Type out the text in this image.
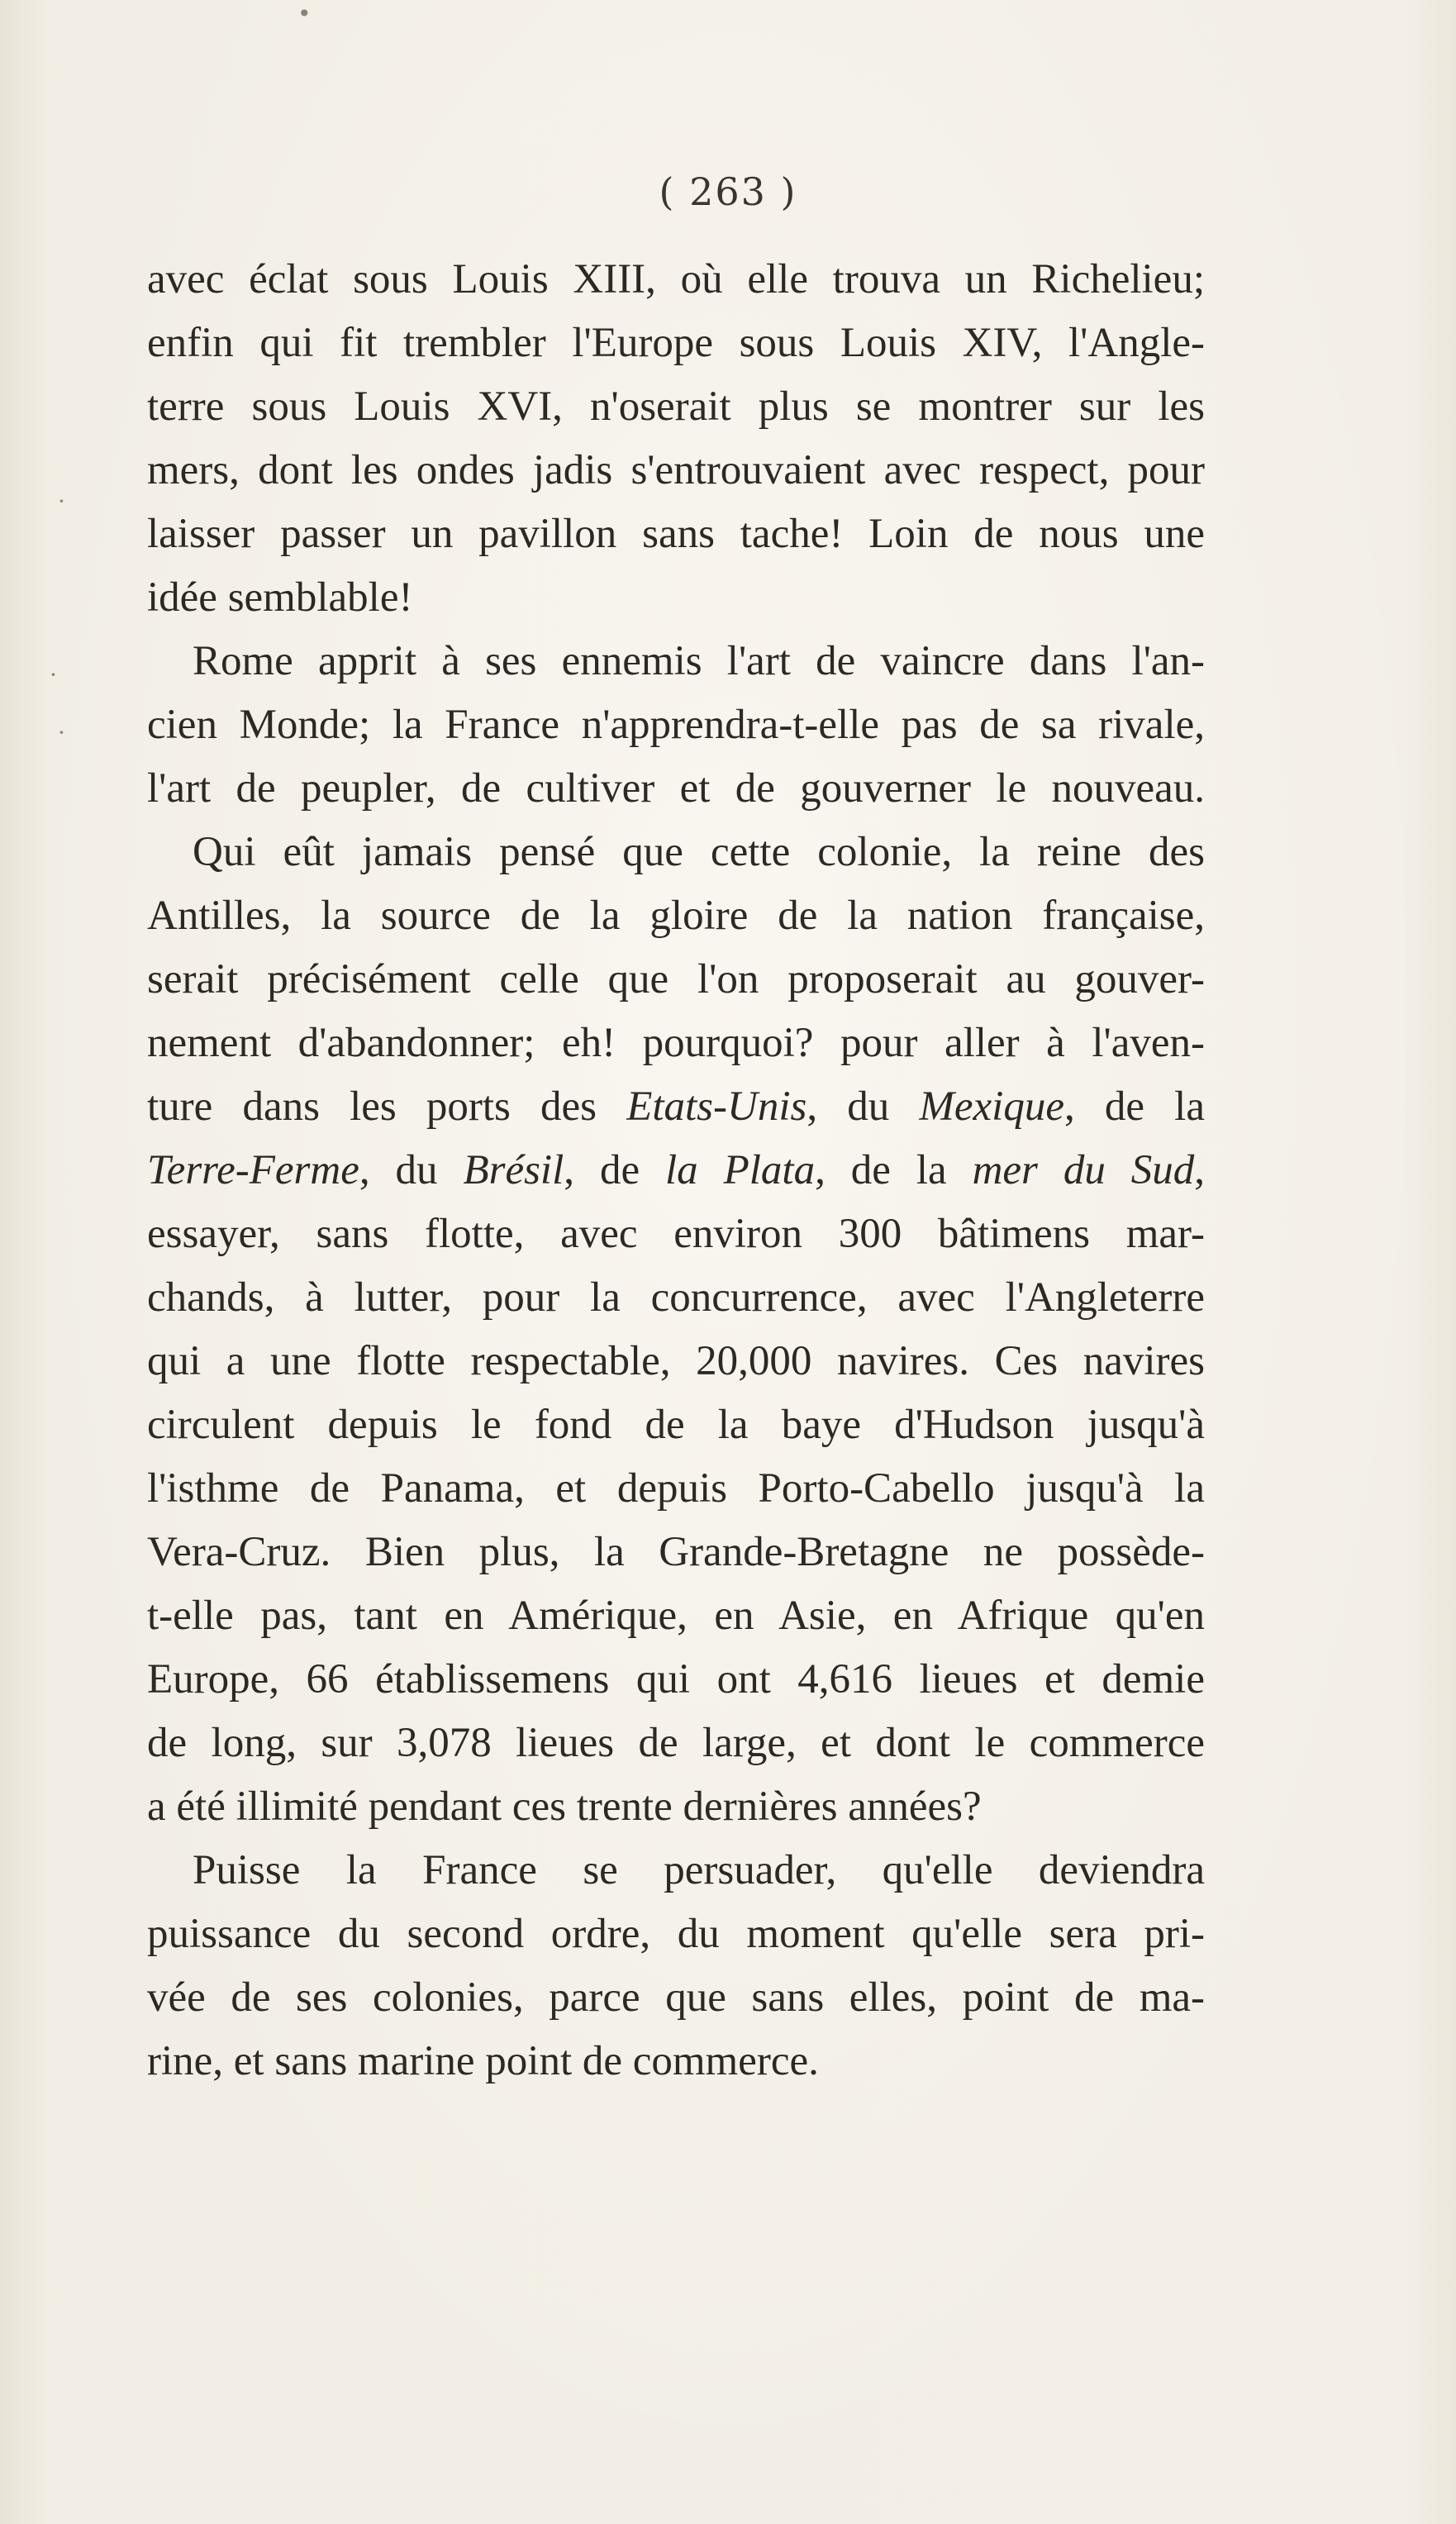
( 263 )
avec éclat sous Louis XIII, où elle trouva un Richelieu;
enfin qui fit trembler l'Europe sous Louis XIV, l'Angle-
terre sous Louis XVI, n'oserait plus se montrer sur les
mers, dont les ondes jadis s'entrouvaient avec respect, pour
laisser passer un pavillon sans tache! Loin de nous une
idée semblable!
Rome apprit à ses ennemis l'art de vaincre dans l'an-
cien Monde; la France n'apprendra-t-elle pas de sa rivale,
l'art de peupler, de cultiver et de gouverner le nouveau.
Qui eût jamais pensé que cette colonie, la reine des
Antilles, la source de la gloire de la nation française,
serait précisément celle que l'on proposerait au gouver-
nement d'abandonner; eh! pourquoi? pour aller à l'aven-
ture dans les ports des Etats-Unis, du Mexique, de la
Terre-Ferme, du Brésil, de la Plata, de la mer du Sud,
essayer, sans flotte, avec environ 300 bâtimens mar-
chands, à lutter, pour la concurrence, avec l'Angleterre
qui a une flotte respectable, 20,000 navires. Ces navires
circulent depuis le fond de la baye d'Hudson jusqu'à
l'isthme de Panama, et depuis Porto-Cabello jusqu'à la
Vera-Cruz. Bien plus, la Grande-Bretagne ne possède-
t-elle pas, tant en Amérique, en Asie, en Afrique qu'en
Europe, 66 établissemens qui ont 4,616 lieues et demie
de long, sur 3,078 lieues de large, et dont le commerce
a été illimité pendant ces trente dernières années?
Puisse la France se persuader, qu'elle deviendra
puissance du second ordre, du moment qu'elle sera pri-
vée de ses colonies, parce que sans elles, point de ma-
rine, et sans marine point de commerce.
•
·
·
·
